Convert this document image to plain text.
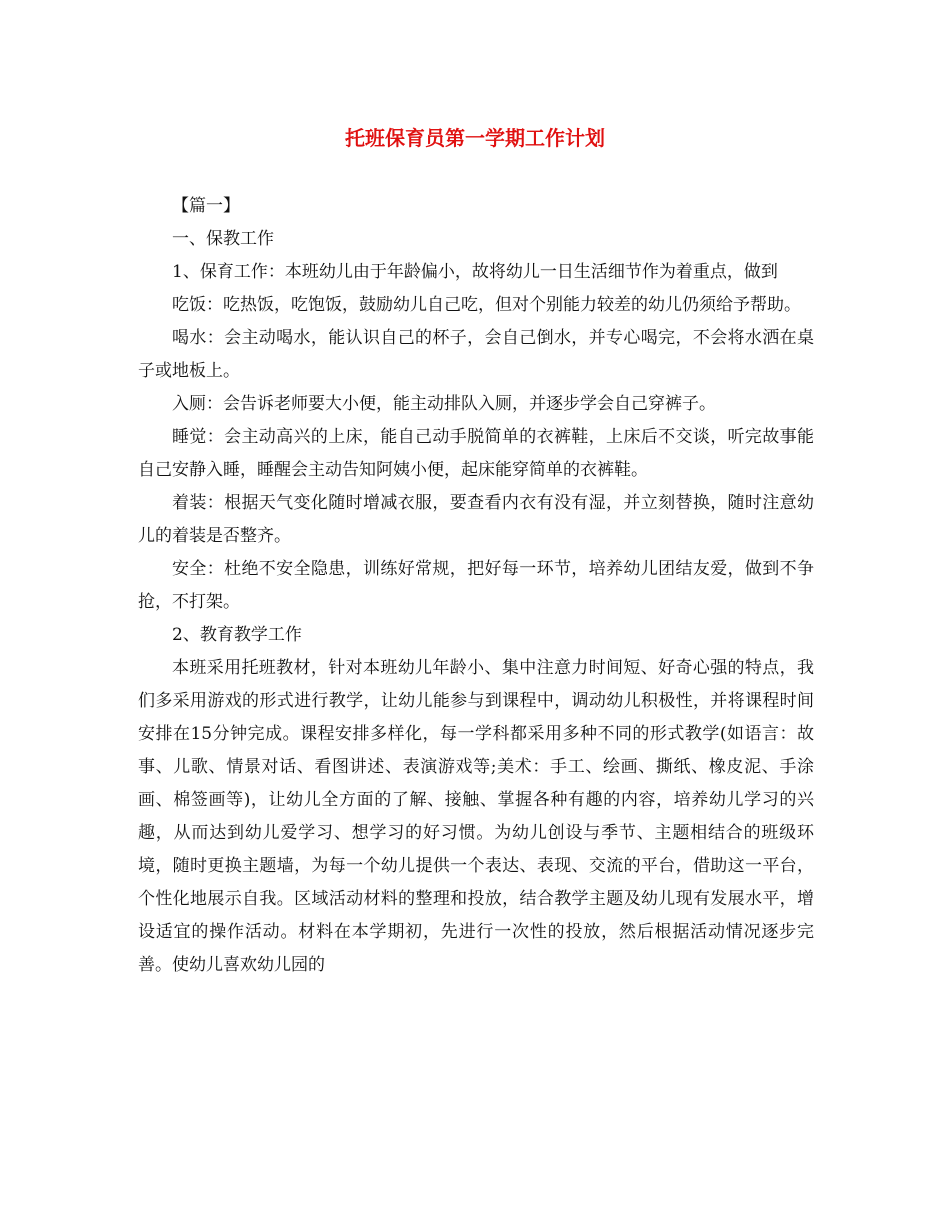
托班保育员第一学期工作计划

【篇一】

一、保教工作

1、保育工作：本班幼儿由于年龄偏小，故将幼儿一日生活细节作为着重点，做到

吃饭：吃热饭，吃饱饭，鼓励幼儿自己吃，但对个别能力较差的幼儿仍须给予帮助。

喝水：会主动喝水，能认识自己的杯子，会自己倒水，并专心喝完，不会将水洒在桌子或地板上。

入厕：会告诉老师要大小便，能主动排队入厕，并逐步学会自己穿裤子。

睡觉：会主动高兴的上床，能自己动手脱简单的衣裤鞋，上床后不交谈，听完故事能自己安静入睡，睡醒会主动告知阿姨小便，起床能穿简单的衣裤鞋。

着装：根据天气变化随时增减衣服，要查看内衣有没有湿，并立刻替换，随时注意幼儿的着装是否整齐。

安全：杜绝不安全隐患，训练好常规，把好每一环节，培养幼儿团结友爱，做到不争抢，不打架。

2、教育教学工作

本班采用托班教材，针对本班幼儿年龄小、集中注意力时间短、好奇心强的特点，我们多采用游戏的形式进行教学，让幼儿能参与到课程中，调动幼儿积极性，并将课程时间安排在15分钟完成。课程安排多样化，每一学科都采用多种不同的形式教学(如语言：故事、儿歌、情景对话、看图讲述、表演游戏等;美术：手工、绘画、撕纸、橡皮泥、手涂画、棉签画等)，让幼儿全方面的了解、接触、掌握各种有趣的内容，培养幼儿学习的兴趣，从而达到幼儿爱学习、想学习的好习惯。为幼儿创设与季节、主题相结合的班级环境，随时更换主题墙，为每一个幼儿提供一个表达、表现、交流的平台，借助这一平台，个性化地展示自我。区域活动材料的整理和投放，结合教学主题及幼儿现有发展水平，增设适宜的操作活动。材料在本学期初，先进行一次性的投放，然后根据活动情况逐步完善。使幼儿喜欢幼儿园的
